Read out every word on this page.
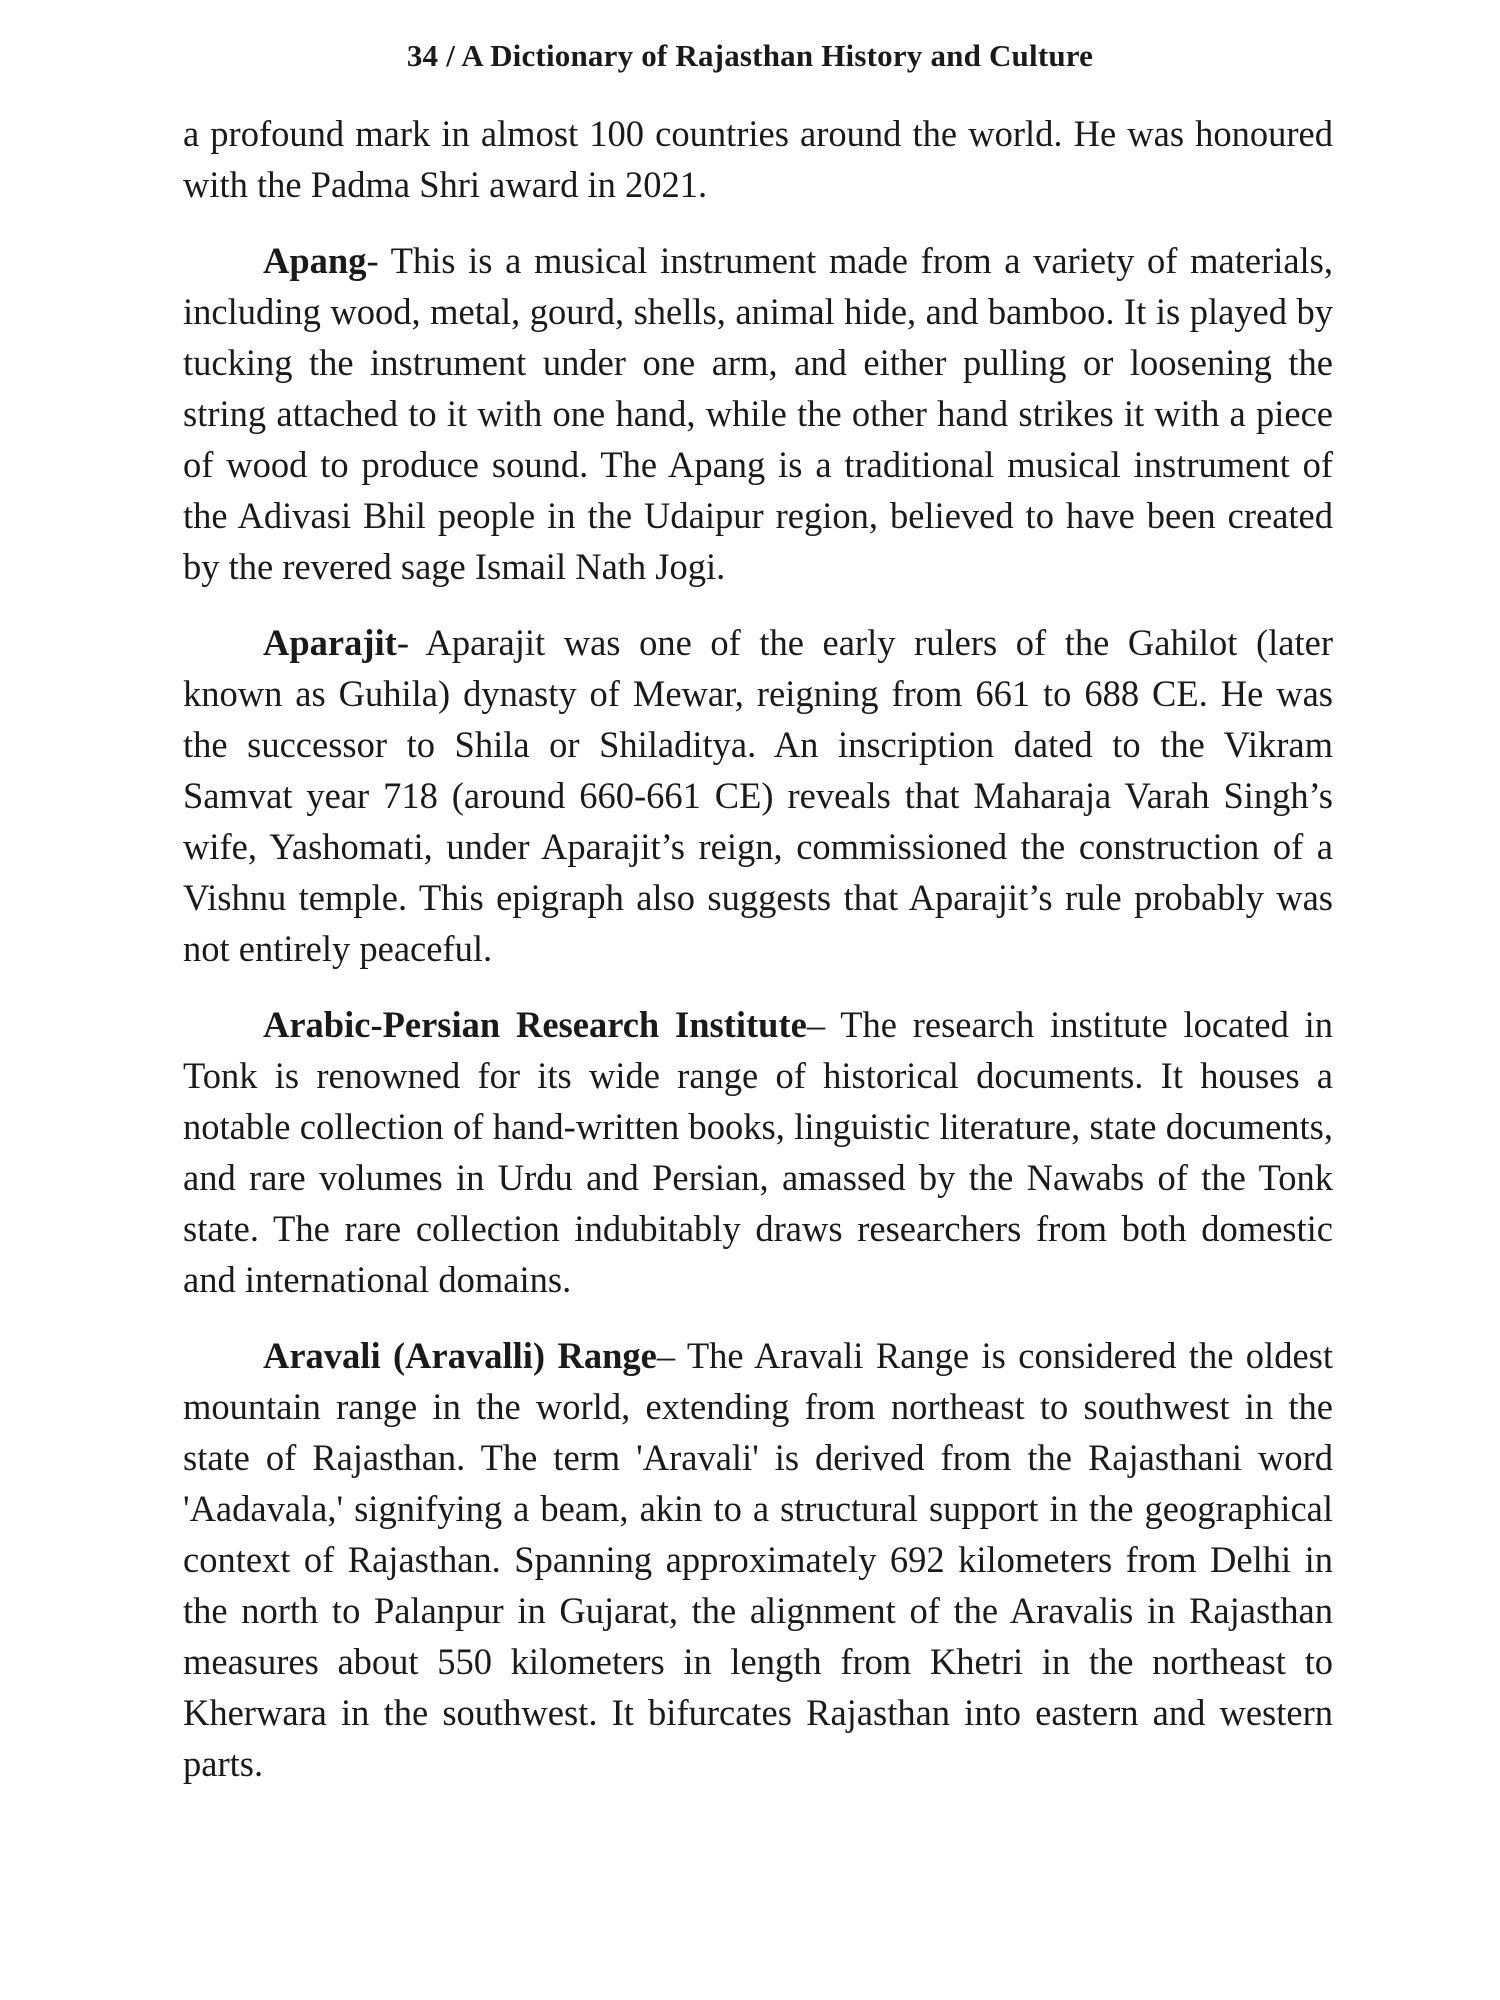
34 / A Dictionary of Rajasthan History and Culture

a profound mark in almost 100 countries around the world. He was honoured with the Padma Shri award in 2021.

Apang- This is a musical instrument made from a variety of materials, including wood, metal, gourd, shells, animal hide, and bamboo. It is played by tucking the instrument under one arm, and either pulling or loosening the string attached to it with one hand, while the other hand strikes it with a piece of wood to produce sound. The Apang is a traditional musical instrument of the Adivasi Bhil people in the Udaipur region, believed to have been created by the revered sage Ismail Nath Jogi.

Aparajit- Aparajit was one of the early rulers of the Gahilot (later known as Guhila) dynasty of Mewar, reigning from 661 to 688 CE. He was the successor to Shila or Shiladitya. An inscription dated to the Vikram Samvat year 718 (around 660-661 CE) reveals that Maharaja Varah Singh’s wife, Yashomati, under Aparajit’s reign, commissioned the construction of a Vishnu temple. This epigraph also suggests that Aparajit’s rule probably was not entirely peaceful.

Arabic-Persian Research Institute– The research institute located in Tonk is renowned for its wide range of historical documents. It houses a notable collection of hand-written books, linguistic literature, state documents, and rare volumes in Urdu and Persian, amassed by the Nawabs of the Tonk state. The rare collection indubitably draws researchers from both domestic and international domains.

Aravali (Aravalli) Range– The Aravali Range is considered the oldest mountain range in the world, extending from northeast to southwest in the state of Rajasthan. The term 'Aravali' is derived from the Rajasthani word 'Aadavala,' signifying a beam, akin to a structural support in the geographical context of Rajasthan. Spanning approximately 692 kilometers from Delhi in the north to Palanpur in Gujarat, the alignment of the Aravalis in Rajasthan measures about 550 kilometers in length from Khetri in the northeast to Kherwara in the southwest. It bifurcates Rajasthan into eastern and western parts.
